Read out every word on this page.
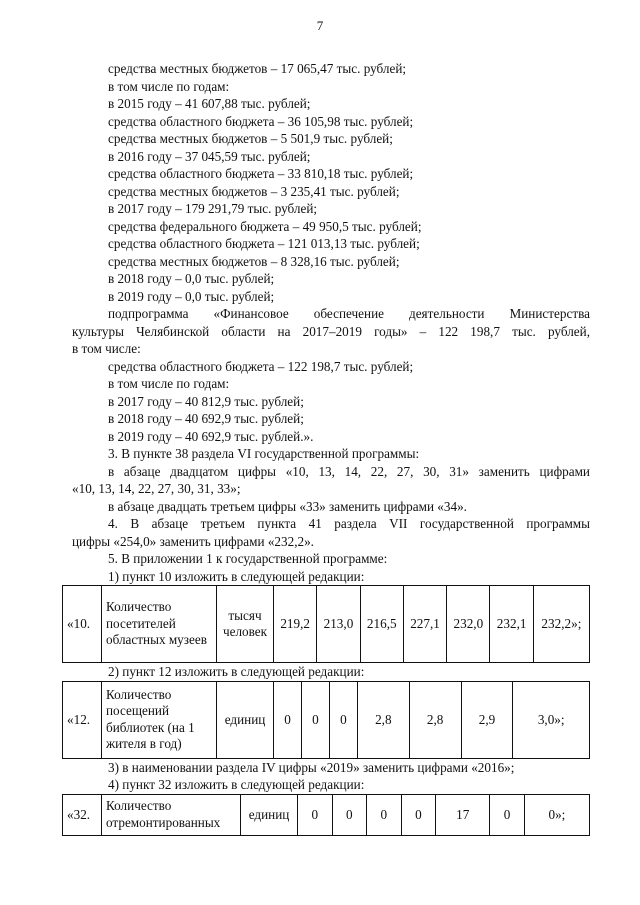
7
средства местных бюджетов – 17 065,47 тыс. рублей;
в том числе по годам:
в 2015 году – 41 607,88 тыс. рублей;
средства областного бюджета – 36 105,98 тыс. рублей;
средства местных бюджетов – 5 501,9 тыс. рублей;
в 2016 году – 37 045,59 тыс. рублей;
средства областного бюджета – 33 810,18 тыс. рублей;
средства местных бюджетов – 3 235,41 тыс. рублей;
в 2017 году – 179 291,79 тыс. рублей;
средства федерального бюджета – 49 950,5 тыс. рублей;
средства областного бюджета – 121 013,13 тыс. рублей;
средства местных бюджетов – 8 328,16 тыс. рублей;
в 2018 году – 0,0 тыс. рублей;
в 2019 году – 0,0 тыс. рублей;
подпрограмма «Финансовое обеспечение деятельности Министерства
культуры Челябинской области на 2017–2019 годы» – 122 198,7 тыс. рублей,
в том числе:
средства областного бюджета – 122 198,7 тыс. рублей;
в том числе по годам:
в 2017 году – 40 812,9 тыс. рублей;
в 2018 году – 40 692,9 тыс. рублей;
в 2019 году – 40 692,9 тыс. рублей.».
3. В пункте 38 раздела VI государственной программы:
в абзаце двадцатом цифры «10, 13, 14, 22, 27, 30, 31» заменить цифрами
«10, 13, 14, 22, 27, 30, 31, 33»;
в абзаце двадцать третьем цифры «33» заменить цифрами «34».
4. В абзаце третьем пункта 41 раздела VII государственной программы
цифры «254,0» заменить цифрами «232,2».
5. В приложении 1 к государственной программе:
1) пункт 10 изложить в следующей редакции:
«10.	Количество посетителей областных музеев	тысяч человек	219,2	213,0	216,5	227,1	232,0	232,1	232,2»;
2) пункт 12 изложить в следующей редакции:
«12.	Количество посещений библиотек (на 1 жителя в год)	единиц	0	0	0	2,8	2,8	2,9	3,0»;
3) в наименовании раздела IV цифры «2019» заменить цифрами «2016»;
4) пункт 32 изложить в следующей редакции:
«32.	Количество отремонтированных	единиц	0	0	0	0	17	0	0»;
